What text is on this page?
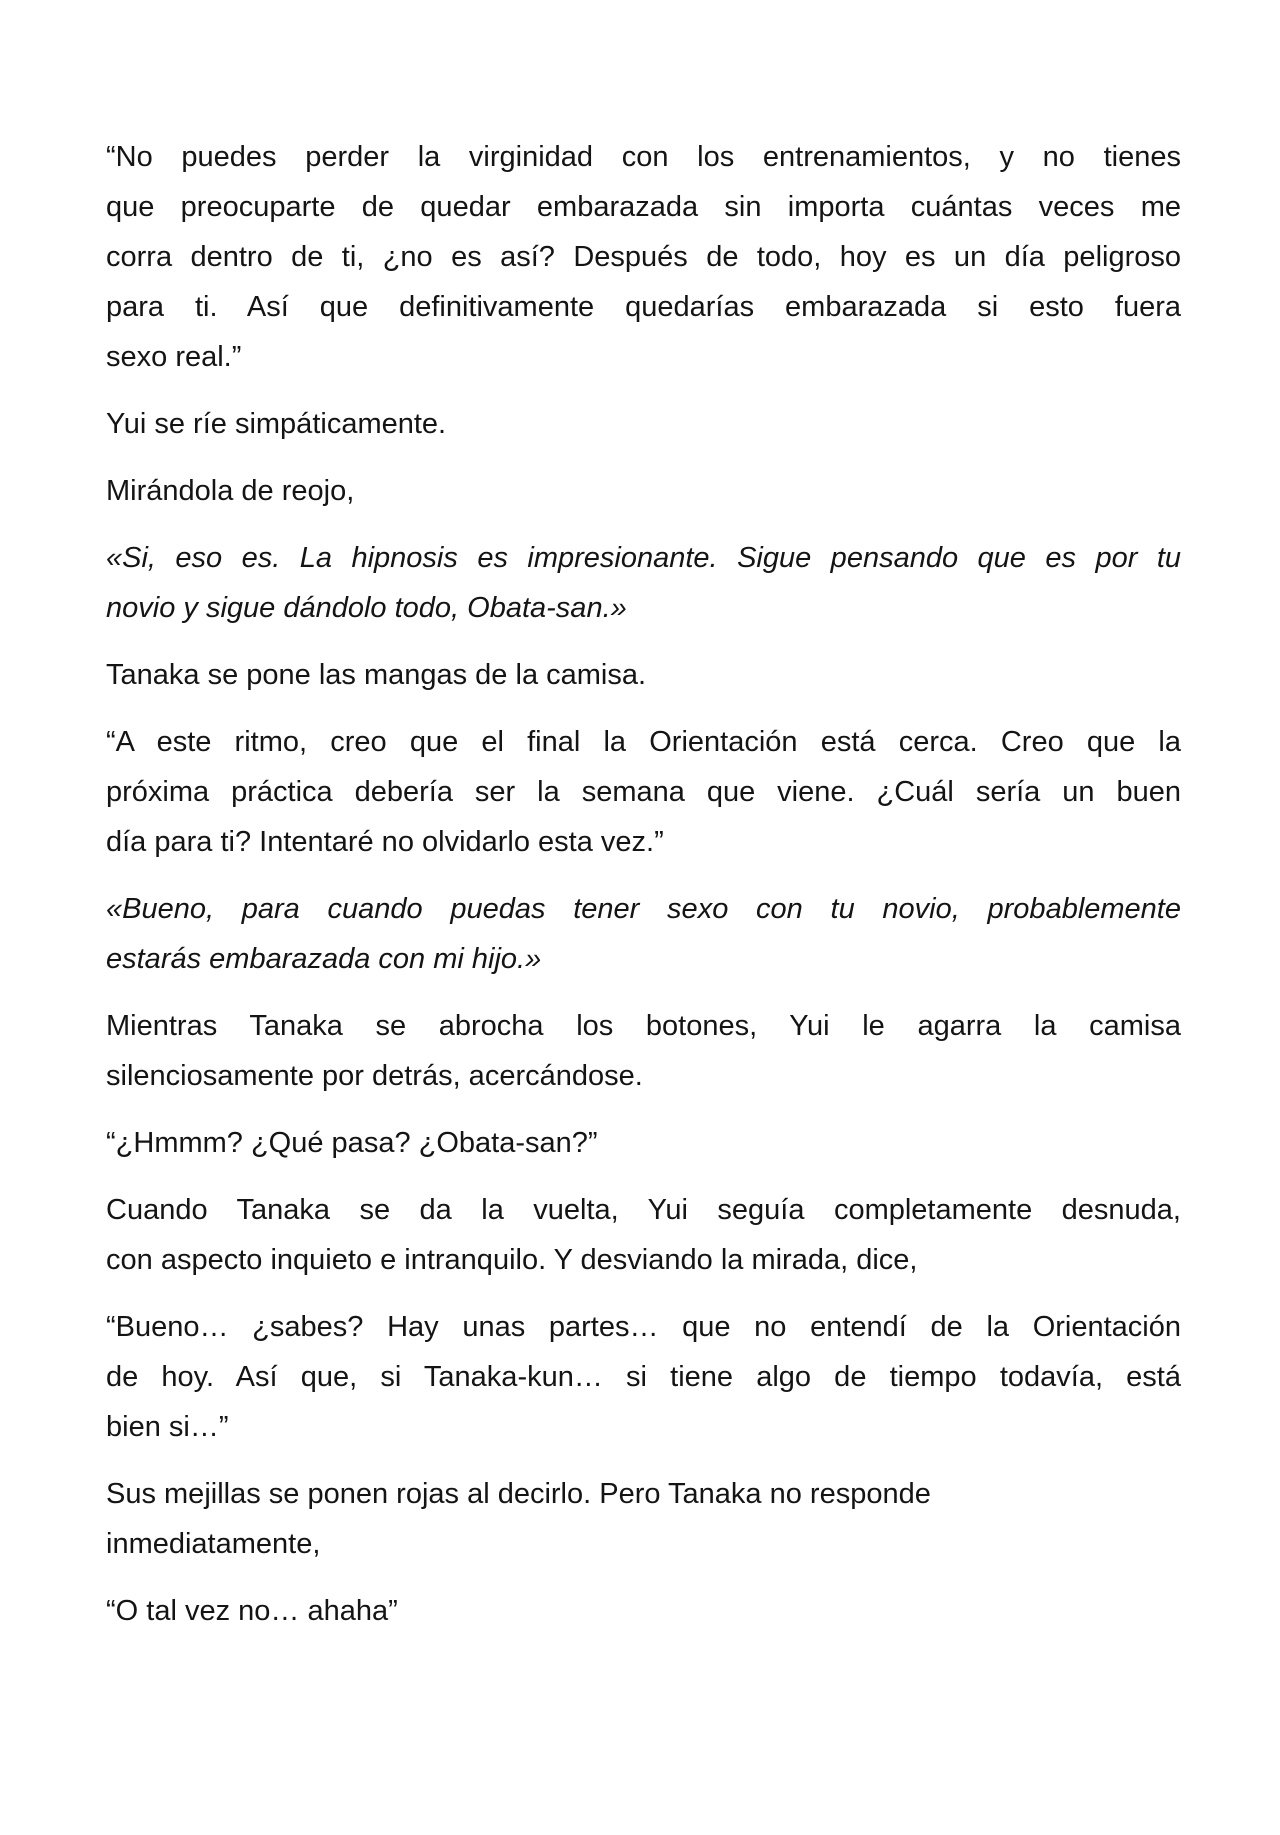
“No puedes perder la virginidad con los entrenamientos, y no tienes
que preocuparte de quedar embarazada sin importa cuántas veces me
corra dentro de ti, ¿no es así? Después de todo, hoy es un día peligroso
para ti. Así que definitivamente quedarías embarazada si esto fuera
sexo real.”

Yui se ríe simpáticamente.

Mirándola de reojo,

«Si, eso es. La hipnosis es impresionante. Sigue pensando que es por tu
novio y sigue dándolo todo, Obata-san.»

Tanaka se pone las mangas de la camisa.

“A este ritmo, creo que el final la Orientación está cerca. Creo que la
próxima práctica debería ser la semana que viene. ¿Cuál sería un buen
día para ti? Intentaré no olvidarlo esta vez.”

«Bueno, para cuando puedas tener sexo con tu novio, probablemente
estarás embarazada con mi hijo.»

Mientras Tanaka se abrocha los botones, Yui le agarra la camisa
silenciosamente por detrás, acercándose.

“¿Hmmm? ¿Qué pasa? ¿Obata-san?”

Cuando Tanaka se da la vuelta, Yui seguía completamente desnuda,
con aspecto inquieto e intranquilo. Y desviando la mirada, dice,

“Bueno… ¿sabes? Hay unas partes… que no entendí de la Orientación
de hoy. Así que, si Tanaka-kun… si tiene algo de tiempo todavía, está
bien si…”

Sus mejillas se ponen rojas al decirlo. Pero Tanaka no responde
inmediatamente,

“O tal vez no… ahaha”
